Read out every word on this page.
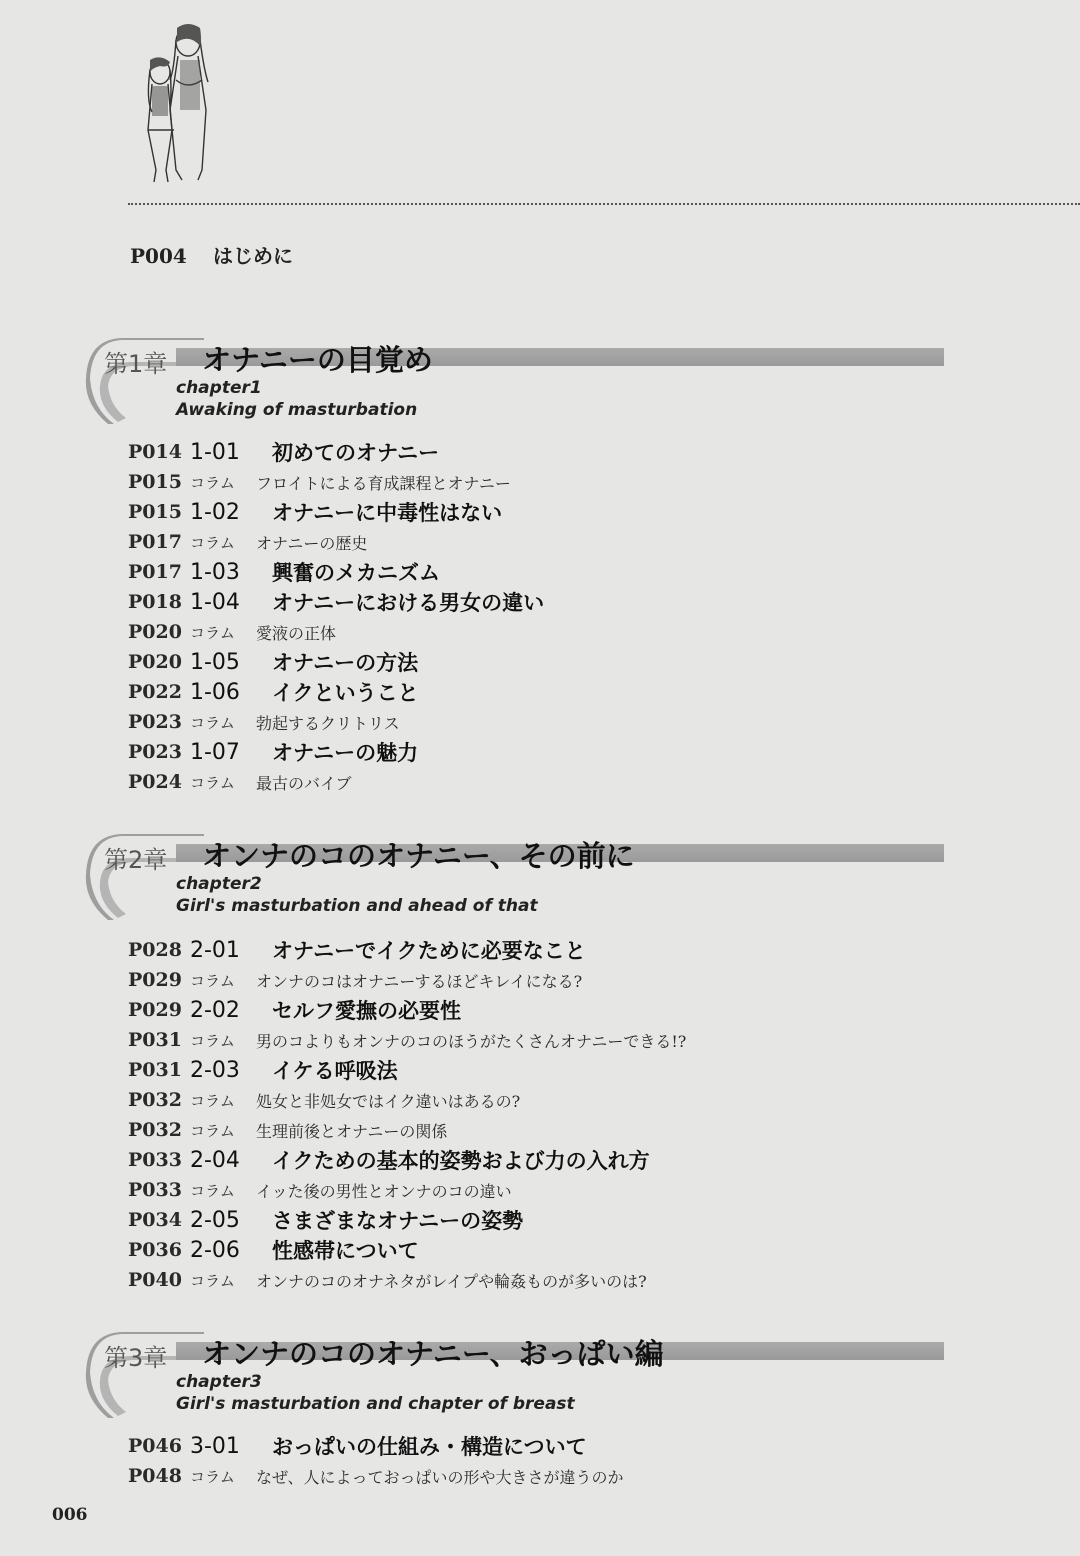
P004 はじめに
第1章 オナニーの目覚め
chapter1
Awaking of masturbation
P014 1-01	初めてのオナニー
P015 コラム	フロイトによる育成課程とオナニー
P015 1-02	オナニーに中毒性はない
P017 コラム	オナニーの歴史
P017 1-03	興奮のメカニズム
P018 1-04	オナニーにおける男女の違い
P020 コラム	愛液の正体
P020 1-05	オナニーの方法
P022 1-06	イクということ
P023 コラム	勃起するクリトリス
P023 1-07	オナニーの魅力
P024 コラム	最古のバイブ
第2章 オンナのコのオナニー、その前に
chapter2
Girl's masturbation and ahead of that
P028 2-01	オナニーでイクために必要なこと
P029 コラム	オンナのコはオナニーするほどキレイになる?
P029 2-02	セルフ愛撫の必要性
P031 コラム	男のコよりもオンナのコのほうがたくさんオナニーできる!?
P031 2-03	イケる呼吸法
P032 コラム	処女と非処女ではイク違いはあるの?
P032 コラム	生理前後とオナニーの関係
P033 2-04	イクための基本的姿勢および力の入れ方
P033 コラム	イッた後の男性とオンナのコの違い
P034 2-05	さまざまなオナニーの姿勢
P036 2-06	性感帯について
P040 コラム	オンナのコのオナネタがレイプや輪姦ものが多いのは?
第3章 オンナのコのオナニー、おっぱい編
chapter3
Girl's masturbation and chapter of breast
P046 3-01	おっぱいの仕組み・構造について
P048 コラム	なぜ、人によっておっぱいの形や大きさが違うのか
006
